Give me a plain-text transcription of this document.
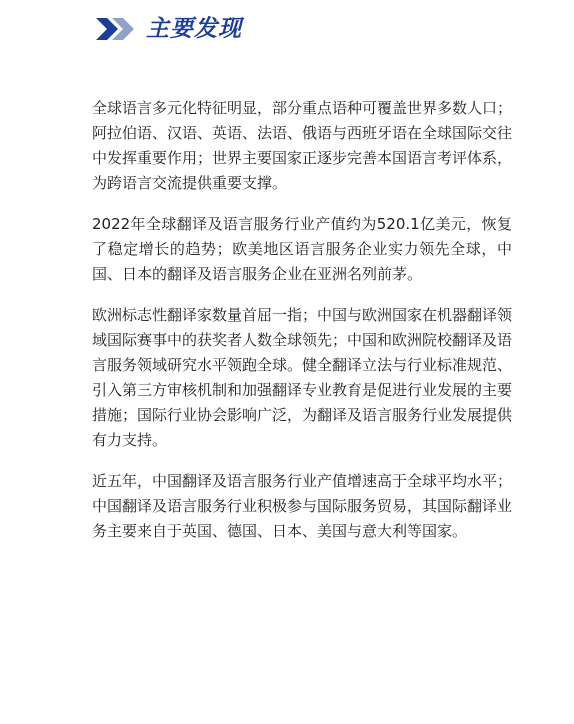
主要发现

全球语言多元化特征明显，部分重点语种可覆盖世界多数人口；阿拉伯语、汉语、英语、法语、俄语与西班牙语在全球国际交往中发挥重要作用；世界主要国家正逐步完善本国语言考评体系，为跨语言交流提供重要支撑。

2022年全球翻译及语言服务行业产值约为520.1亿美元，恢复了稳定增长的趋势；欧美地区语言服务企业实力领先全球，中国、日本的翻译及语言服务企业在亚洲名列前茅。

欧洲标志性翻译家数量首屈一指；中国与欧洲国家在机器翻译领域国际赛事中的获奖者人数全球领先；中国和欧洲院校翻译及语言服务领域研究水平领跑全球。健全翻译立法与行业标准规范、引入第三方审核机制和加强翻译专业教育是促进行业发展的主要措施；国际行业协会影响广泛，为翻译及语言服务行业发展提供有力支持。

近五年，中国翻译及语言服务行业产值增速高于全球平均水平；中国翻译及语言服务行业积极参与国际服务贸易，其国际翻译业务主要来自于英国、德国、日本、美国与意大利等国家。
